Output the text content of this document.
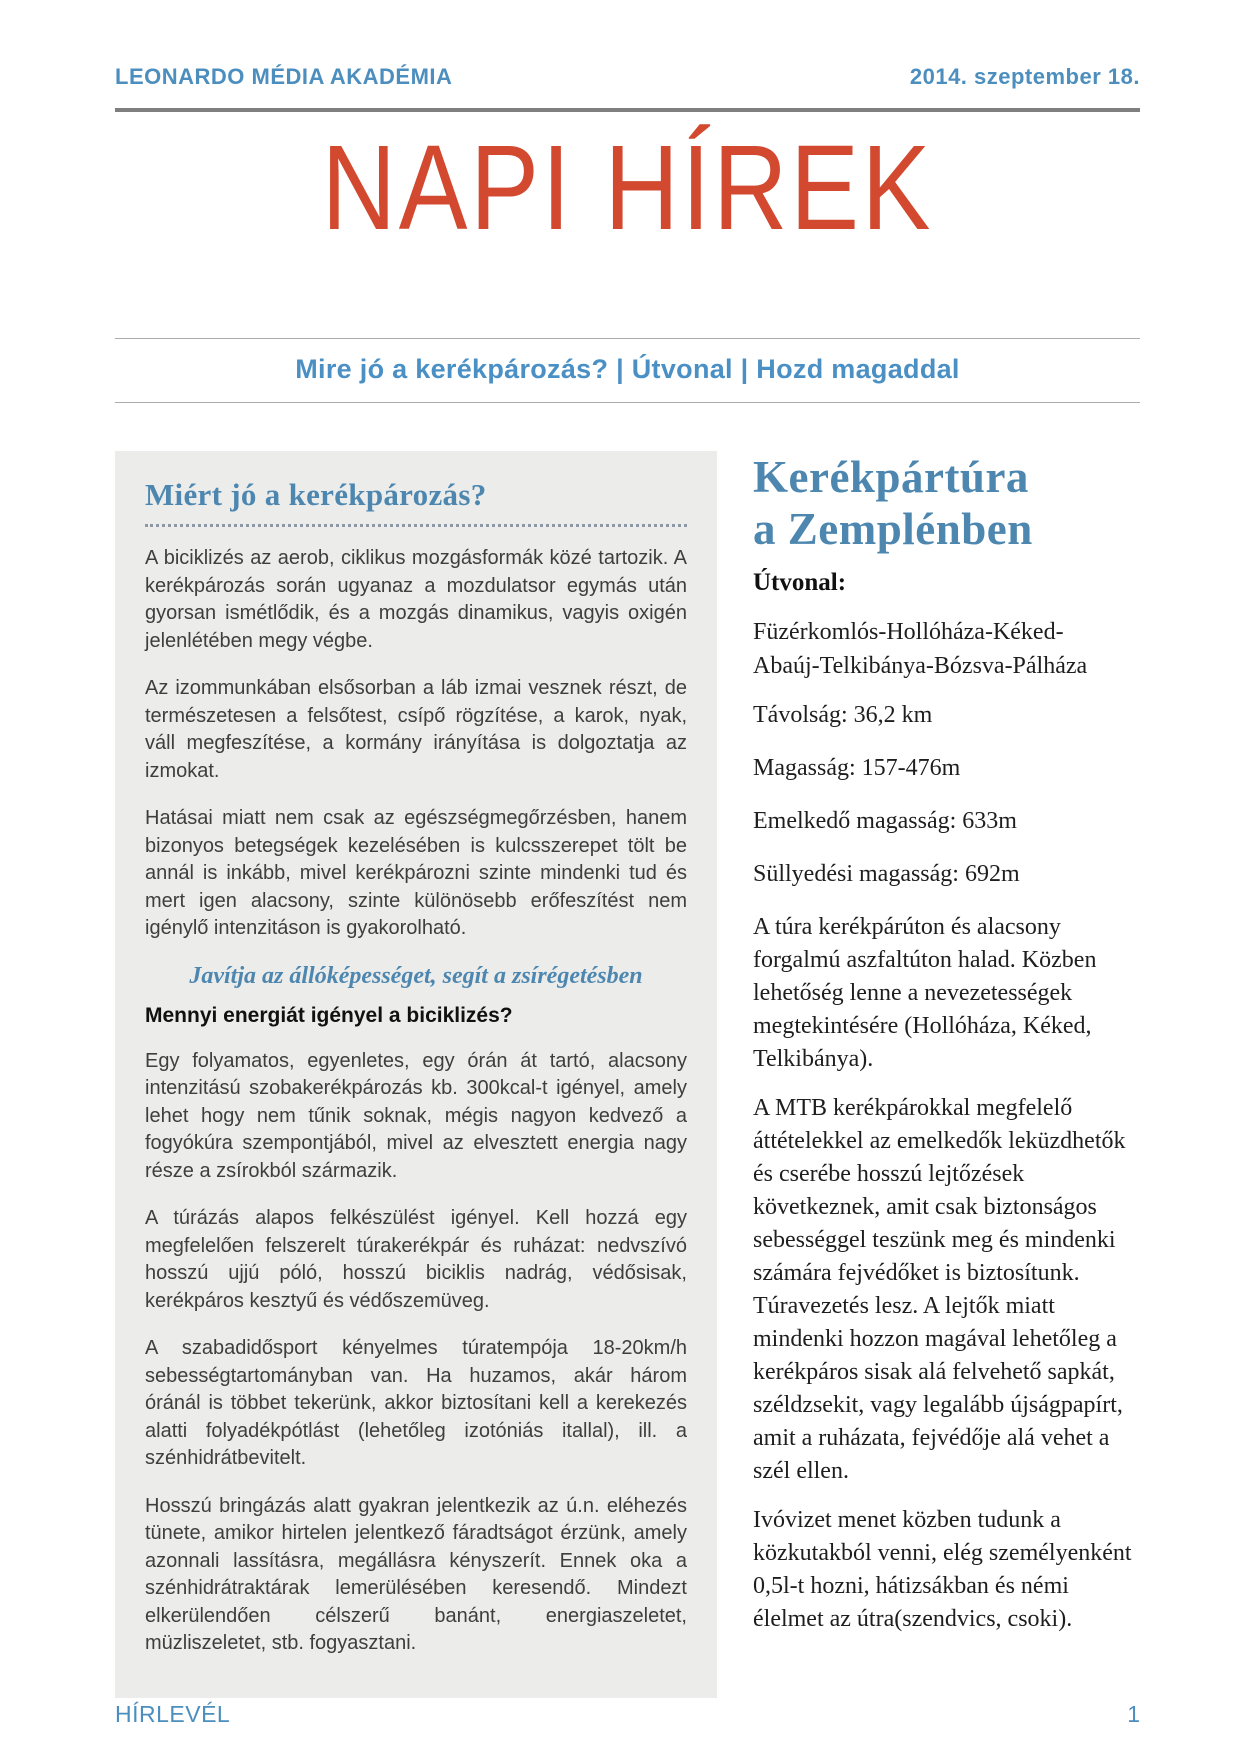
LEONARDO MÉDIA AKADÉMIA	2014. szeptember 18.
NAPI HÍREK
Mire jó a kerékpározás? | Útvonal | Hozd magaddal
Miért jó a kerékpározás?

A biciklizés az aerob, ciklikus mozgásformák közé tartozik. A kerékpározás során ugyanaz a mozdulatsor egymás után gyorsan ismétlődik, és a mozgás dinamikus, vagyis oxigén jelenlétében megy végbe.

Az izommunkában elsősorban a láb izmai vesznek részt, de természetesen a felsőtest, csípő rögzítése, a karok, nyak, váll megfeszítése, a kormány irányítása is dolgoztatja az izmokat.

Hatásai miatt nem csak az egészségmegőrzésben, hanem bizonyos betegségek kezelésében is kulcsszerepet tölt be annál is inkább, mivel kerékpározni szinte mindenki tud és mert igen alacsony, szinte különösebb erőfeszítést nem igénylő intenzitáson is gyakorolható.

Javítja az állóképességet, segít a zsírégetésben
Mennyi energiát igényel a biciklizés?

Egy folyamatos, egyenletes, egy órán át tartó, alacsony intenzitású szobakerékpározás kb. 300kcal-t igényel, amely lehet hogy nem tűnik soknak, mégis nagyon kedvező a fogyókúra szempontjából, mivel az elvesztett energia nagy része a zsírokból származik.

A túrázás alapos felkészülést igényel. Kell hozzá egy megfelelően felszerelt túrakerékpár és ruházat: nedvszívó hosszú ujjú póló, hosszú biciklis nadrág, védősisak, kerékpáros kesztyű és védőszemüveg.

A szabadidősport kényelmes túratempója 18-20km/h sebességtartományban van. Ha huzamos, akár három óránál is többet tekerünk, akkor biztosítani kell a kerekezés alatti folyadékpótlást (lehetőleg izotóniás itallal), ill. a szénhidrátbevitelt.

Hosszú bringázás alatt gyakran jelentkezik az ú.n. eléhezés tünete, amikor hirtelen jelentkező fáradtságot érzünk, amely azonnali lassításra, megállásra kényszerít. Ennek oka a szénhidrátraktárak lemerülésében keresendő. Mindezt elkerülendően célszerű banánt, energiaszeletet, müzliszeletet, stb. fogyasztani.

Kerékpártúra
a Zemplénben
Útvonal:
Füzérkomlós-Hollóháza-Kéked-
Abaúj-Telkibánya-Bózsva-Pálháza
Távolság: 36,2 km
Magasság: 157-476m
Emelkedő magasság: 633m
Süllyedési magasság: 692m

A túra kerékpárúton és alacsony forgalmú aszfaltúton halad. Közben lehetőség lenne a nevezetességek megtekintésére (Hollóháza, Kéked, Telkibánya).

A MTB kerékpárokkal megfelelő áttételekkel az emelkedők leküzdhetők és cserébe hosszú lejtőzések következnek, amit csak biztonságos sebességgel teszünk meg és mindenki számára fejvédőket is biztosítunk. Túravezetés lesz. A lejtők miatt mindenki hozzon magával lehetőleg a kerékpáros sisak alá felvehető sapkát, széldzsekit, vagy legalább újságpapírt, amit a ruházata, fejvédője alá vehet a szél ellen.

Ivóvizet menet közben tudunk a közkutakból venni, elég személyenként 0,5l-t hozni, hátizsákban és némi élelmet az útra(szendvics, csoki).

HÍRLEVÉL	1
